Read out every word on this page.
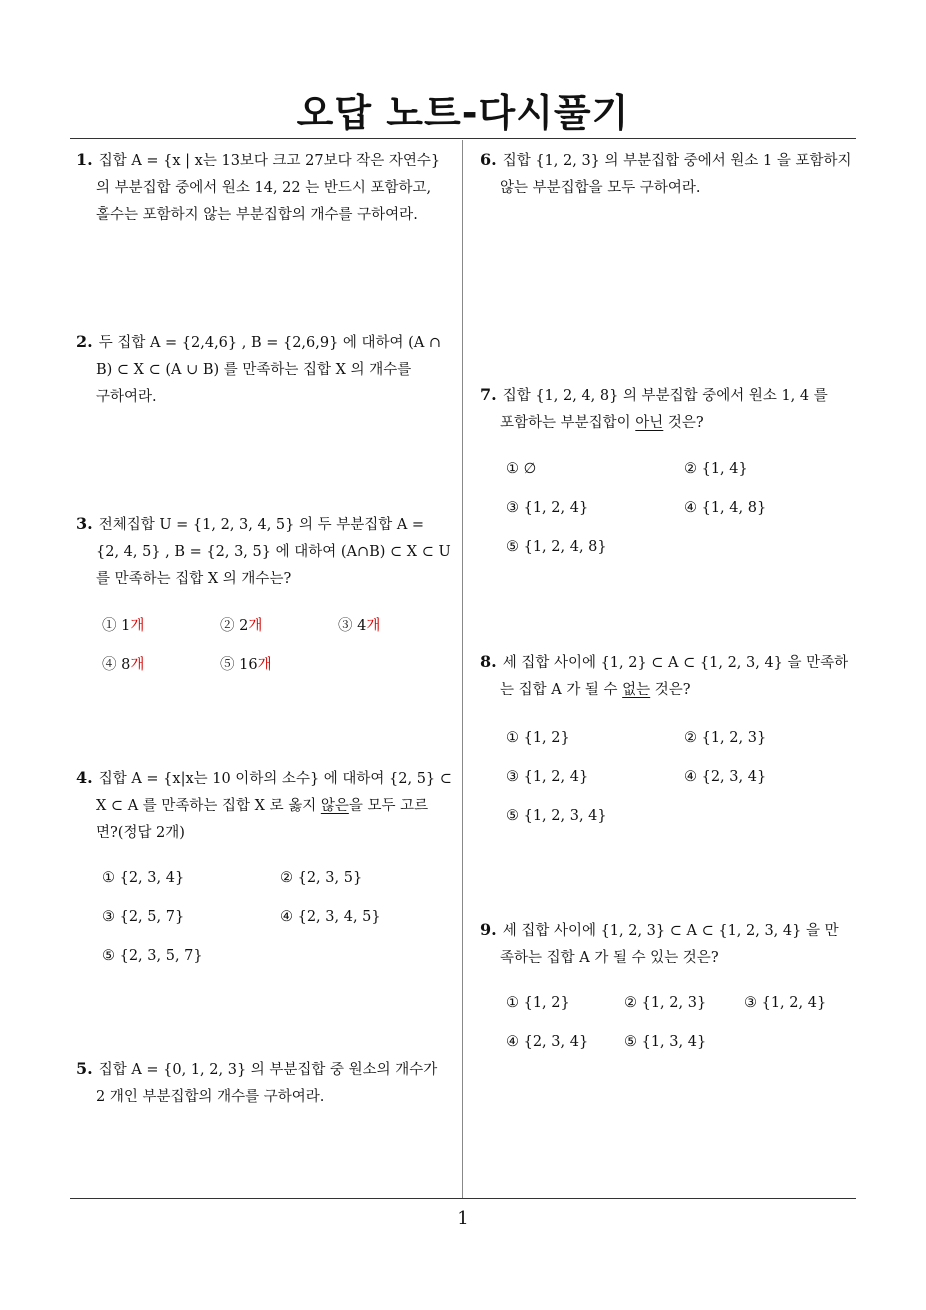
오답 노트-다시풀기
1
1. 집합 A = {x | x는 13보다 크고 27보다 작은 자연수}
의 부분집합 중에서 원소 14, 22 는 반드시 포함하고,
홀수는 포함하지 않는 부분집합의 개수를 구하여라.
2. 두 집합 A = {2,4,6} , B = {2,6,9} 에 대하여 (A ∩
B) ⊂ X ⊂ (A ∪ B) 를 만족하는 집합 X 의 개수를
구하여라.
3. 전체집합 U = {1, 2, 3, 4, 5} 의 두 부분집합 A =
{2, 4, 5} , B = {2, 3, 5} 에 대하여 (A∩B) ⊂ X ⊂ U
를 만족하는 집합 X 의 개수는?
① 1개	② 2개	③ 4개
④ 8개	⑤ 16개
4. 집합 A = {x|x는 10 이하의 소수} 에 대하여 {2, 5} ⊂
X ⊂ A 를 만족하는 집합 X 로 옳지 않은을 모두 고르
면?(정답 2개)
① {2, 3, 4}	② {2, 3, 5}
③ {2, 5, 7}	④ {2, 3, 4, 5}
⑤ {2, 3, 5, 7}
5. 집합 A = {0, 1, 2, 3} 의 부분집합 중 원소의 개수가
2 개인 부분집합의 개수를 구하여라.
6. 집합 {1, 2, 3} 의 부분집합 중에서 원소 1 을 포함하지
않는 부분집합을 모두 구하여라.
7. 집합 {1, 2, 4, 8} 의 부분집합 중에서 원소 1, 4 를
포함하는 부분집합이 아닌 것은?
① ∅	② {1, 4}
③ {1, 2, 4}	④ {1, 4, 8}
⑤ {1, 2, 4, 8}
8. 세 집합 사이에 {1, 2} ⊂ A ⊂ {1, 2, 3, 4} 을 만족하
는 집합 A 가 될 수 없는 것은?
① {1, 2}	② {1, 2, 3}
③ {1, 2, 4}	④ {2, 3, 4}
⑤ {1, 2, 3, 4}
9. 세 집합 사이에 {1, 2, 3} ⊂ A ⊂ {1, 2, 3, 4} 을 만
족하는 집합 A 가 될 수 있는 것은?
① {1, 2}	② {1, 2, 3}	③ {1, 2, 4}
④ {2, 3, 4} ⑤ {1, 3, 4}
